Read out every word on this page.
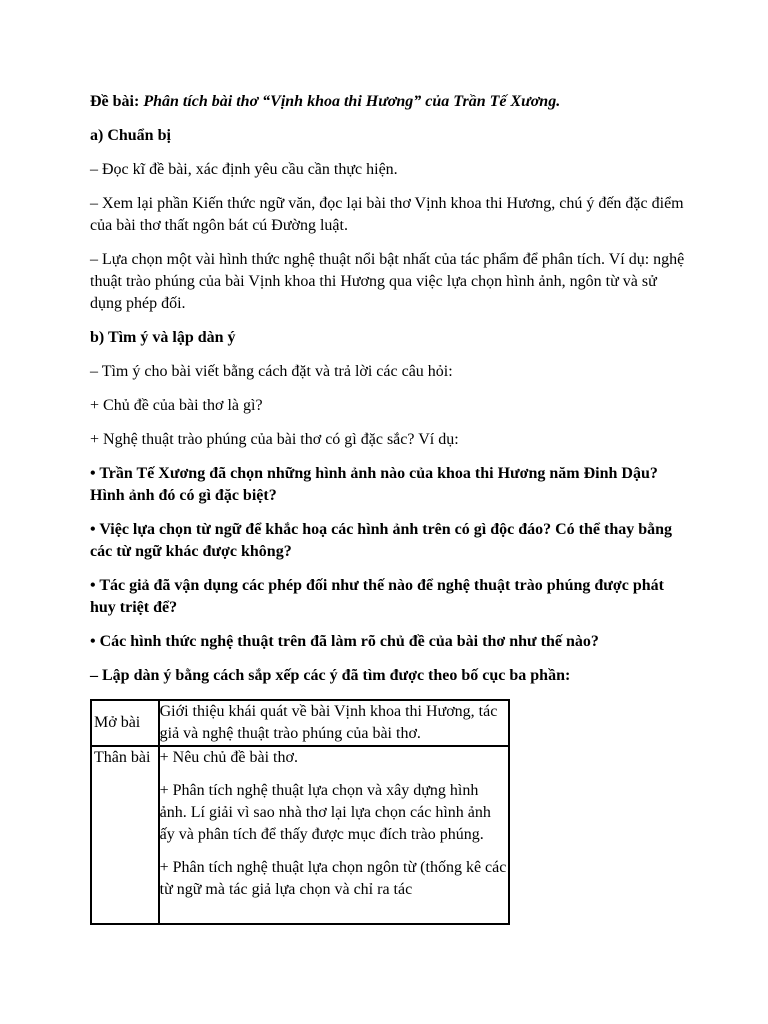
Đề bài: Phân tích bài thơ “Vịnh khoa thi Hương” của Trần Tế Xương.

a) Chuẩn bị

– Đọc kĩ đề bài, xác định yêu cầu cần thực hiện.

– Xem lại phần Kiến thức ngữ văn, đọc lại bài thơ Vịnh khoa thi Hương, chú ý đến đặc điểm của bài thơ thất ngôn bát cú Đường luật.

– Lựa chọn một vài hình thức nghệ thuật nổi bật nhất của tác phẩm để phân tích. Ví dụ: nghệ thuật trào phúng của bài Vịnh khoa thi Hương qua việc lựa chọn hình ảnh, ngôn từ và sử dụng phép đối.

b) Tìm ý và lập dàn ý

– Tìm ý cho bài viết bằng cách đặt và trả lời các câu hỏi:

+ Chủ đề của bài thơ là gì?

+ Nghệ thuật trào phúng của bài thơ có gì đặc sắc? Ví dụ:

• Trần Tế Xương đã chọn những hình ảnh nào của khoa thi Hương năm Đinh Dậu? Hình ảnh đó có gì đặc biệt?

• Việc lựa chọn từ ngữ để khắc hoạ các hình ảnh trên có gì độc đáo? Có thể thay bằng các từ ngữ khác được không?

• Tác giả đã vận dụng các phép đối như thế nào để nghệ thuật trào phúng được phát huy triệt để?

• Các hình thức nghệ thuật trên đã làm rõ chủ đề của bài thơ như thế nào?

– Lập dàn ý bằng cách sắp xếp các ý đã tìm được theo bố cục ba phần:

Mở bài	Giới thiệu khái quát về bài Vịnh khoa thi Hương, tác giả và nghệ thuật trào phúng của bài thơ.

Thân bài	+ Nêu chủ đề bài thơ.
+ Phân tích nghệ thuật lựa chọn và xây dựng hình ảnh. Lí giải vì sao nhà thơ lại lựa chọn các hình ảnh ấy và phân tích để thấy được mục đích trào phúng.
+ Phân tích nghệ thuật lựa chọn ngôn từ (thống kê các từ ngữ mà tác giả lựa chọn và chỉ ra tác
